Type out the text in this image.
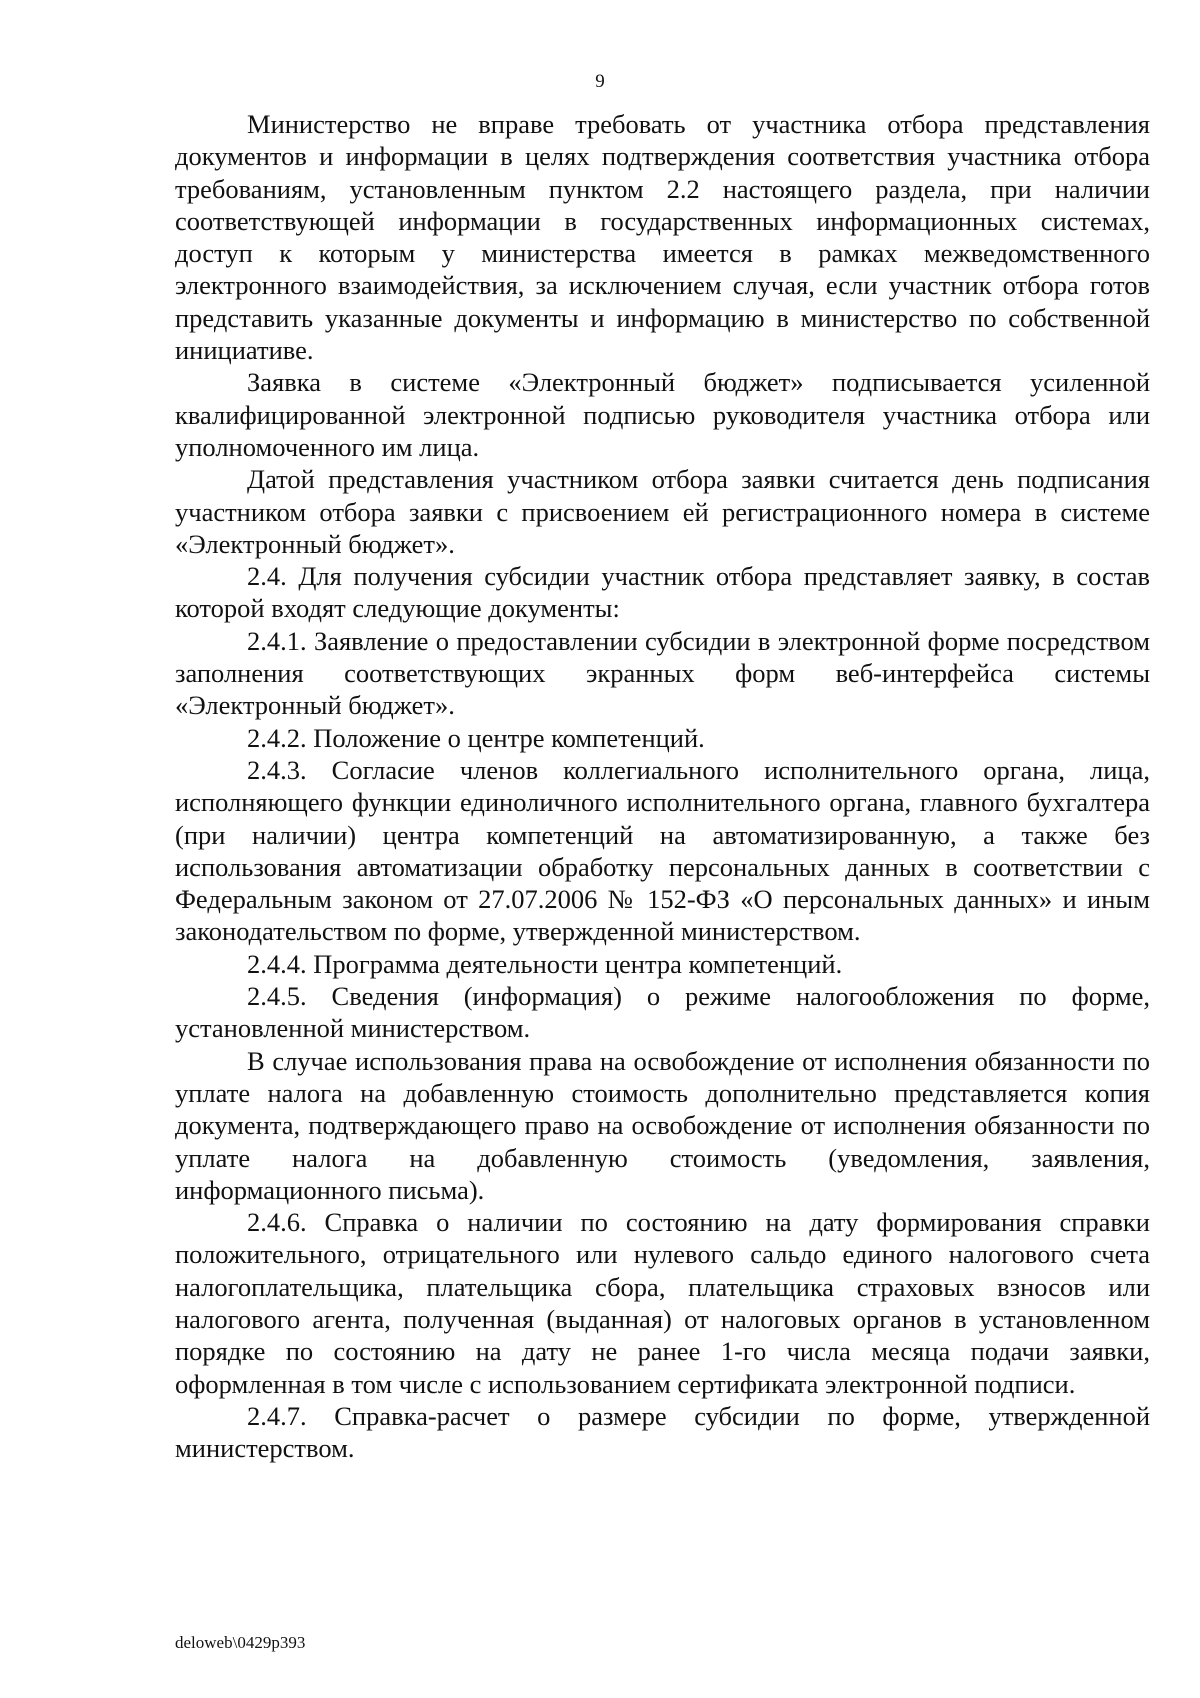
9

Министерство не вправе требовать от участника отбора представления документов и информации в целях подтверждения соответствия участника отбора требованиям, установленным пунктом 2.2 настоящего раздела, при наличии соответствующей информации в государственных информационных системах, доступ к которым у министерства имеется в рамках межведомственного электронного взаимодействия, за исключением случая, если участник отбора готов представить указанные документы и информацию в министерство по собственной инициативе.

Заявка в системе «Электронный бюджет» подписывается усиленной квалифицированной электронной подписью руководителя участника отбора или уполномоченного им лица.

Датой представления участником отбора заявки считается день подписания участником отбора заявки с присвоением ей регистрационного номера в системе «Электронный бюджет».

2.4. Для получения субсидии участник отбора представляет заявку, в состав которой входят следующие документы:

2.4.1. Заявление о предоставлении субсидии в электронной форме посредством заполнения соответствующих экранных форм веб-интерфейса системы «Электронный бюджет».

2.4.2. Положение о центре компетенций.

2.4.3. Согласие членов коллегиального исполнительного органа, лица, исполняющего функции единоличного исполнительного органа, главного бухгалтера (при наличии) центра компетенций на автоматизированную, а также без использования автоматизации обработку персональных данных в соответствии с Федеральным законом от 27.07.2006 № 152-ФЗ «О персональных данных» и иным законодательством по форме, утвержденной министерством.

2.4.4. Программа деятельности центра компетенций.

2.4.5. Сведения (информация) о режиме налогообложения по форме, установленной министерством.

В случае использования права на освобождение от исполнения обязанности по уплате налога на добавленную стоимость дополнительно представляется копия документа, подтверждающего право на освобождение от исполнения обязанности по уплате налога на добавленную стоимость (уведомления, заявления, информационного письма).

2.4.6. Справка о наличии по состоянию на дату формирования справки положительного, отрицательного или нулевого сальдо единого налогового счета налогоплательщика, плательщика сбора, плательщика страховых взносов или налогового агента, полученная (выданная) от налоговых органов в установленном порядке по состоянию на дату не ранее 1-го числа месяца подачи заявки, оформленная в том числе с использованием сертификата электронной подписи.

2.4.7. Справка-расчет о размере субсидии по форме, утвержденной министерством.

deloweb\0429p393
